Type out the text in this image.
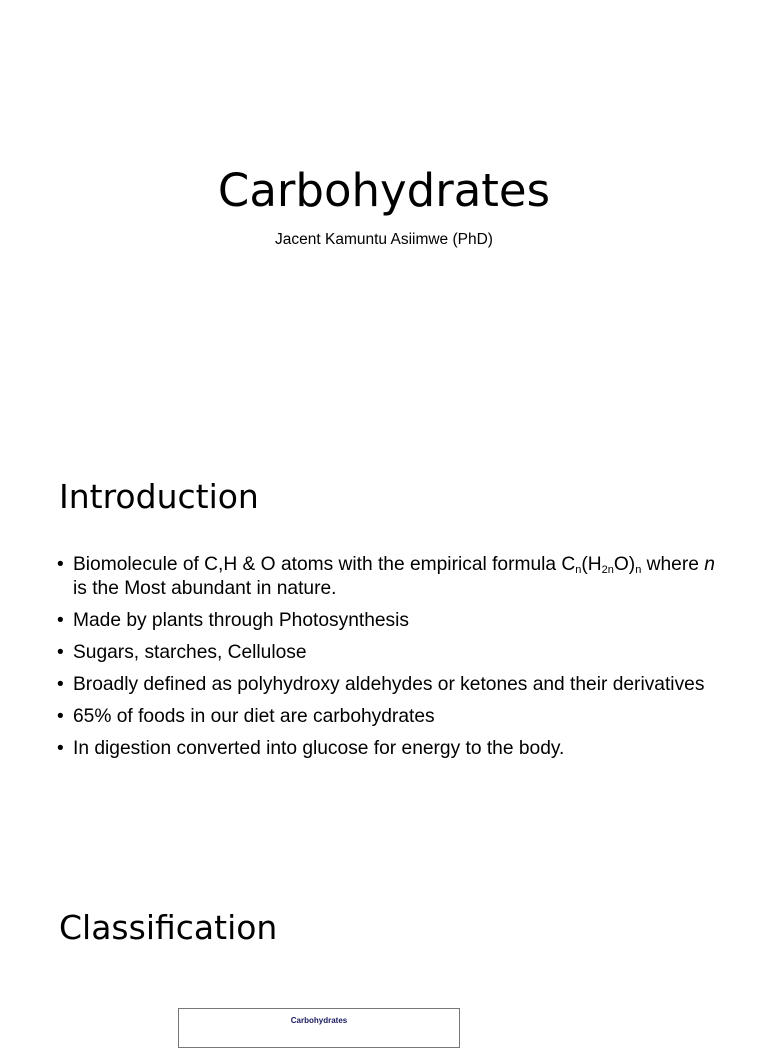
Carbohydrates

Jacent Kamuntu Asiimwe (PhD)

Introduction
• Biomolecule of C,H & O atoms with the empirical formula $C_n(H_{2n}O)_n$ where n is the Most abundant in nature.
• Made by plants through Photosynthesis
• Sugars, starches, Cellulose
• Broadly defined as polyhydroxy aldehydes or ketones and their derivatives
• 65% of foods in our diet are carbohydrates
• In digestion converted into glucose for energy to the body.
Classification
Carbohydrates
